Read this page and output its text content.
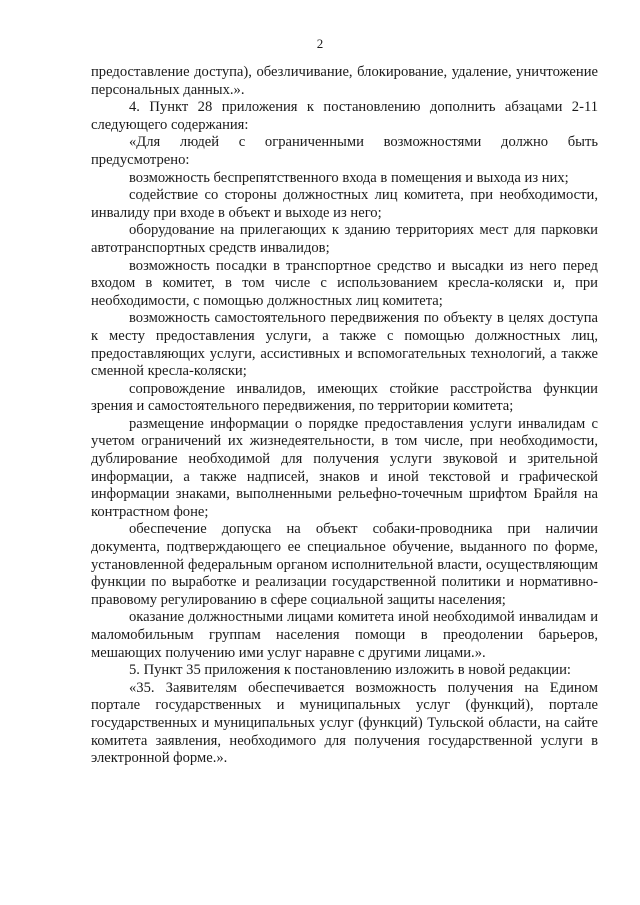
2

предоставление доступа), обезличивание, блокирование, удаление, уничтожение персональных данных.».

4. Пункт 28 приложения к постановлению дополнить абзацами 2-11 следующего содержания:

«Для людей с ограниченными возможностями должно быть предусмотрено:

возможность беспрепятственного входа в помещения и выхода из них;

содействие со стороны должностных лиц комитета, при необходимости, инвалиду при входе в объект и выходе из него;

оборудование на прилегающих к зданию территориях мест для парковки автотранспортных средств инвалидов;

возможность посадки в транспортное средство и высадки из него перед входом в комитет, в том числе с использованием кресла-коляски и, при необходимости, с помощью должностных лиц комитета;

возможность самостоятельного передвижения по объекту в целях доступа к месту предоставления услуги, а также с помощью должностных лиц, предоставляющих услуги, ассистивных и вспомогательных технологий, а также сменной кресла-коляски;

сопровождение инвалидов, имеющих стойкие расстройства функции зрения и самостоятельного передвижения, по территории комитета;

размещение информации о порядке предоставления услуги инвалидам с учетом ограничений их жизнедеятельности, в том числе, при необходимости, дублирование необходимой для получения услуги звуковой и зрительной информации, а также надписей, знаков и иной текстовой и графической информации знаками, выполненными рельефно-точечным шрифтом Брайля на контрастном фоне;

обеспечение допуска на объект собаки-проводника при наличии документа, подтверждающего ее специальное обучение, выданного по форме, установленной федеральным органом исполнительной власти, осуществляющим функции по выработке и реализации государственной политики и нормативно-правовому регулированию в сфере социальной защиты населения;

оказание должностными лицами комитета иной необходимой инвалидам и маломобильным группам населения помощи в преодолении барьеров, мешающих получению ими услуг наравне с другими лицами.».

5. Пункт 35 приложения к постановлению изложить в новой редакции:

«35. Заявителям обеспечивается возможность получения на Едином портале государственных и муниципальных услуг (функций), портале государственных и муниципальных услуг (функций) Тульской области, на сайте комитета заявления, необходимого для получения государственной услуги в электронной форме.».
